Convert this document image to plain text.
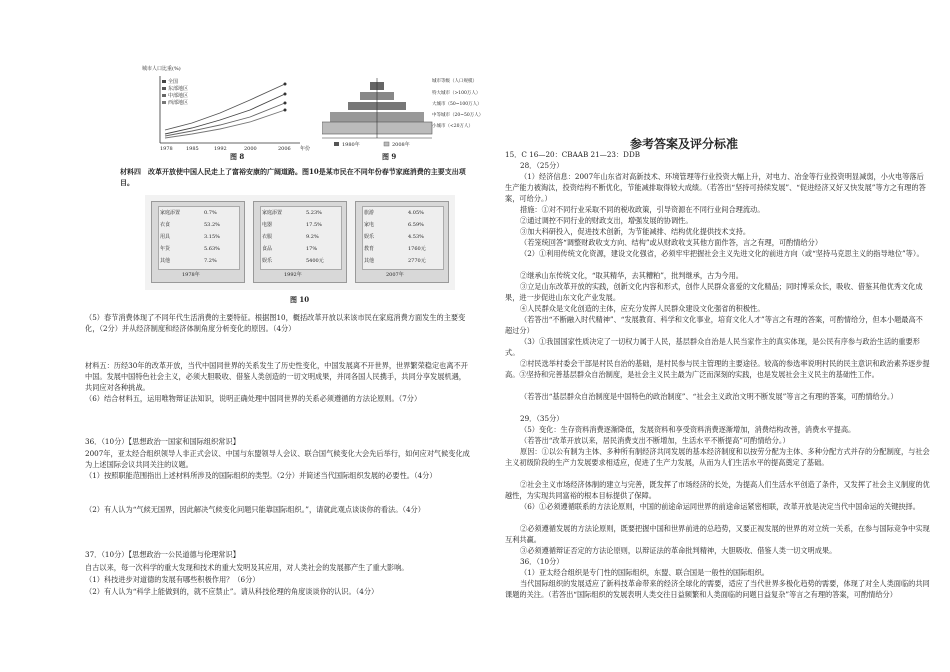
城市人口比重(%)
全国
东部地区
中部地区
西部地区
1978	1985	1992	2000	2006 年份
图 8
1980年	2008年
城市等级（人口规模）
特大城市（>100万人）
大城市（50~100万人）
中等城市（20~50万人）
小城市（<20万人）
图 9
材料四　改革开放使中国人民走上了富裕安康的广阔道路。图10是某市民在不同年份春节家庭消费的主要支出项目。
家庭添置	0.7%
衣食	53.2%
用具	3.15%
年货	5.63%
其他	7.2%
1978年
家庭添置	5.23%
电器	17.5%
衣服	9.2%
食品	17%
娱乐	5400元
1992年
旅游	4.05%
家电	6.59%
娱乐	4.53%
教育	1760元
其他	2770元
2007年
图 10
（5）春节消费体现了不同年代生活消费的主要特征。根据图10，概括改革开放以来该市民在家庭消费方面发生的主要变化，（2分）并从经济制度和经济体制角度分析变化的原因。（4分）
材料五：历经30年的改革开放，当代中国同世界的关系发生了历史性变化，中国发展离不开世界，世界繁荣稳定也离不开中国。发展中国特色社会主义，必须大胆吸收、借鉴人类创造的一切文明成果，并同各国人民携手，共同分享发展机遇，共同应对各种挑战。
（6）结合材料五，运用唯物辩证法知识，说明正确处理中国同世界的关系必须遵循的方法论原则。（7分）
36．（10分）【思想政治一国家和国际组织常识】
2007年，亚太经合组织领导人非正式会议、中国与东盟领导人会议、联合国气候变化大会先后举行，如何应对气候变化成为上述国际会议共同关注的议题。
（1）按照职能范围指出上述材料所涉及的国际组织的类型。（2分）并简述当代国际组织发展的必要性。（4分）
（2）有人认为“气候无国界，因此解决气候变化问题只能靠国际组织。”，请就此观点谈谈你的看法。（4分）
37．（10分）【思想政治一公民道德与伦理常识】
自古以来，每一次科学的重大发现和技术的重大发明及其应用，对人类社会的发展都产生了重大影响。
（1）科技进步对道德的发展有哪些积极作用？（6分）
（2）有人认为“科学上能做到的，就不应禁止”。请从科技伦理的角度谈谈你的认识。（4分）
参考答案及评分标准
15．C 16—20：CBAAB 21—23：DDB
28．（25分）
（1）经济信息：2007年山东省对高新技术、环境管理等行业投资大幅上升，对电力、冶金等行业投资明显减弱，小火电等落后生产能力被淘汰，投资结构不断优化，节能减排取得较大成绩。（若答出“坚持可持续发展”、“促进经济又好又快发展”等方之有理的答案，可给分。）
措施：①对不同行业采取不同的税收政策，引导资源在不同行业间合理流动。
②通过调控不同行业的财政支出，增强发展的协调性。
③加大科研投入，促进技术创新，为节能减排、结构优化提供技术支持。
（若笼统回答“调整财政收支方向、结构”或从财政收支其他方面作答，言之有理，可酌情给分）
（2）①利用传统文化资源，建设文化强省，必须牢牢把握社会主义先进文化的前进方向（或“坚持马克思主义的指导地位”等）。
②继承山东传统文化，“取其精华，去其糟粕”，批判继承，古为今用。
③立足山东改革开放的实践，创新文化内容和形式，创作人民群众喜爱的文化精品；同时博采众长，吸收、借鉴其他优秀文化成果，进一步促进山东文化产业发展。
④人民群众是文化创造的主体，应充分发挥人民群众建设文化强省的积极性。
（若答出“不断融入时代精神”、“发展教育、科学和文化事业，培育文化人才”等言之有理的答案，可酌情给分，但本小题最高不超过分）
（3）①我国国家性质决定了一切权力属于人民，基层群众自治是人民当家作主的真实体现，是公民有序参与政治生活的重要形式。
②村民选举村委会干部是村民自治的基础，是村民参与民主管理的主要途径。较高的参选率说明村民的民主意识和政治素养逐步提高。③坚持和完善基层群众自治制度，是社会主义民主最为广泛而深刻的实践，也是发展社会主义民主的基础性工作。
（若答出“基层群众自治制度是中国特色的政治制度”、“社会主义政治文明不断发展”等言之有理的答案，可酌情给分。）
29．（35分）
（5）变化：生存资料消费逐渐降低，发展资料和享受资料消费逐渐增加，消费结构改善，消费水平提高。
（若答出“改革开放以来，居民消费支出不断增加，生活水平不断提高”可酌情给分。）
原因：①以公有制为主体、多种所有制经济共同发展的基本经济制度和以按劳分配为主体、多种分配方式并存的分配制度，与社会主义初级阶段的生产力发展要求相适应，促进了生产力发展，从而为人们生活水平的提高奠定了基础。
②社会主义市场经济体制的建立与完善，既发挥了市场经济的长处，为提高人们生活水平创造了条件，又发挥了社会主义制度的优越性，为实现共同富裕的根本目标提供了保障。
（6）①必须遵循联系的方法论原则，中国的前途命运同世界的前途命运紧密相联，改革开放是决定当代中国命运的关键抉择。
②必须遵循发展的方法论原则，既要把握中国和世界前进的总趋势，又要正视发展的世界的对立统一关系，在参与国际竞争中实现互利共赢。
③必须遵循辩证否定的方法论原则，以辩证法的革命批判精神，大胆吸收、借鉴人类一切文明成果。
36．（10分）
（1）亚太经合组织是专门性的国际组织，东盟、联合国是一般性的国际组织。
当代国际组织的发展适应了新科技革命带来的经济全球化的需要，适应了当代世界多极化趋势的需要，体现了对全人类面临的共同课题的关注。（若答出“国际组织的发展表明人类交往日益频繁和人类面临的问题日益复杂”等言之有理的答案，可酌情给分）
